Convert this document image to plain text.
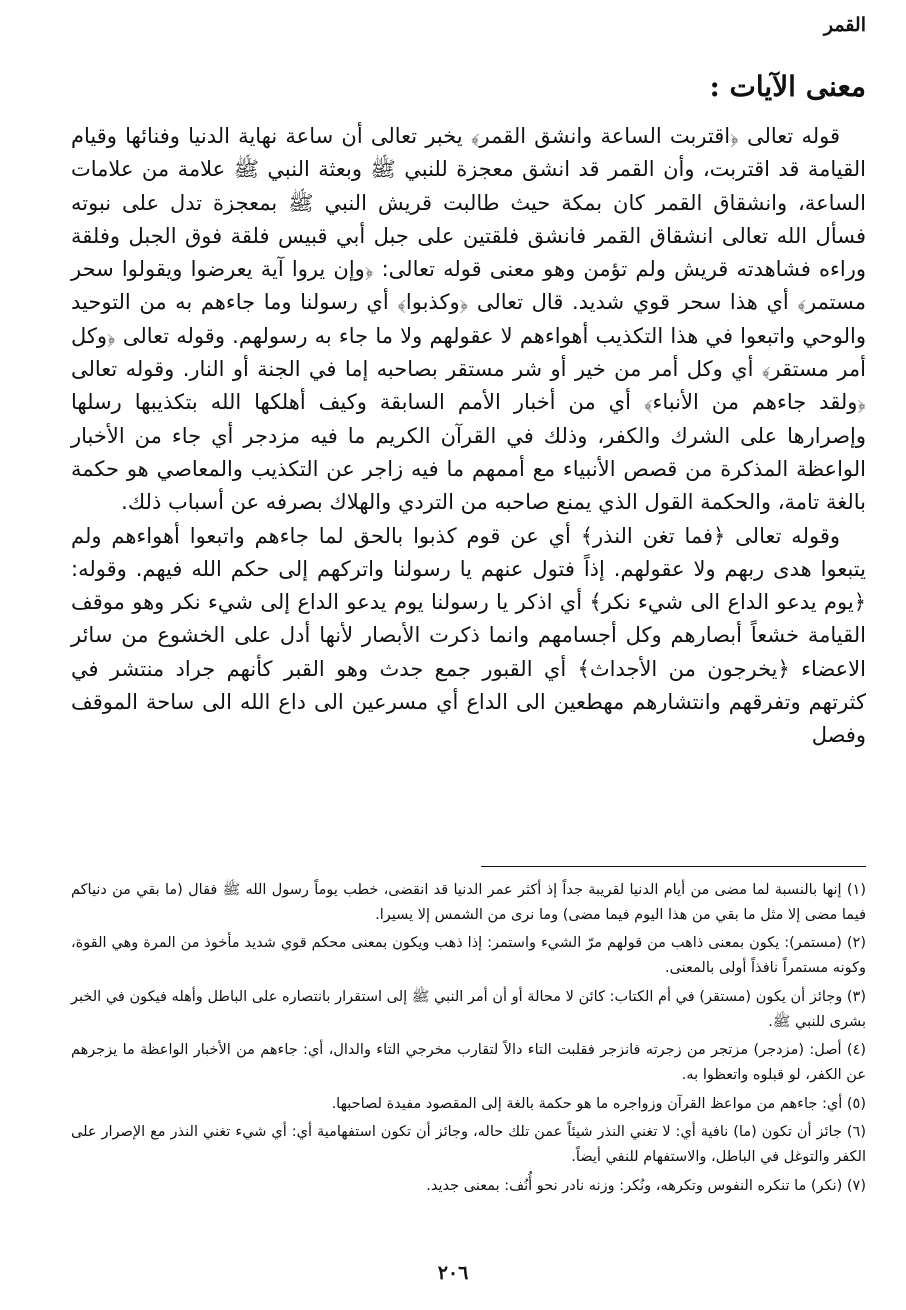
القمر
معنى الآيات :

قوله تعالى ﴿اقتربت الساعة وانشق القمر﴾ يخبر تعالى أن ساعة نهاية الدنيا وفنائها وقيام القيامة قد اقتربت، وأن القمر قد انشق معجزة للنبي ﷺ وبعثة النبي ﷺ علامة من علامات الساعة، وانشقاق القمر كان بمكة حيث طالبت قريش النبي ﷺ بمعجزة تدل على نبوته فسأل الله تعالى انشقاق القمر فانشق فلقتين على جبل أبي قبيس فلقة فوق الجبل وفلقة وراءه فشاهدته قريش ولم تؤمن وهو معنى قوله تعالى: ﴿وإن يروا آية يعرضوا ويقولوا سحر مستمر﴾ أي هذا سحر قوي شديد. قال تعالى ﴿وكذبوا﴾ أي رسولنا وما جاءهم به من التوحيد والوحي واتبعوا في هذا التكذيب أهواءهم لا عقولهم ولا ما جاء به رسولهم. وقوله تعالى ﴿وكل أمر مستقر﴾ أي وكل أمر من خير أو شر مستقر بصاحبه إما في الجنة أو النار. وقوله تعالى ﴿ولقد جاءهم من الأنباء﴾ أي من أخبار الأمم السابقة وكيف أهلكها الله بتكذيبها رسلها وإصرارها على الشرك والكفر، وذلك في القرآن الكريم ما فيه مزدجر أي جاء من الأخبار الواعظة المذكرة من قصص الأنبياء مع أممهم ما فيه زاجر عن التكذيب والمعاصي هو حكمة بالغة تامة، والحكمة القول الذي يمنع صاحبه من التردي والهلاك بصرفه عن أسباب ذلك.

وقوله تعالى ﴿فما تغن النذر﴾ أي عن قوم كذبوا بالحق لما جاءهم واتبعوا أهواءهم ولم يتبعوا هدى ربهم ولا عقولهم. إذاً فتول عنهم يا رسولنا واتركهم إلى حكم الله فيهم. وقوله: ﴿يوم يدعو الداع الى شيء نكر﴾ أي اذكر يا رسولنا يوم يدعو الداع إلى شيء نكر وهو موقف القيامة خشعاً أبصارهم وكل أجسامهم وانما ذكرت الأبصار لأنها أدل على الخشوع من سائر الاعضاء ﴿يخرجون من الأجداث﴾ أي القبور جمع جدث وهو القبر كأنهم جراد منتشر في كثرتهم وتفرقهم وانتشارهم مهطعين الى الداع أي مسرعين الى داع الله الى ساحة الموقف وفصل

(١) إنها بالنسبة لما مضى من أيام الدنيا لقريبة جداً إذ أكثر عمر الدنيا قد انقضى، خطب يوماً رسول الله ﷺ فقال (ما بقي من دنياكم فيما مضى إلا مثل ما بقي من هذا اليوم فيما مضى) وما نرى من الشمس إلا يسيرا.

(٢) (مستمر): يكون بمعنى ذاهب من قولهم مرّ الشيء واستمر: إذا ذهب ويكون بمعنى محكم قوي شديد مأخوذ من المرة وهي القوة، وكونه مستمراً نافذاً أولى بالمعنى.

(٣) وجائز أن يكون (مستقر) في أم الكتاب: كائن لا محالة أو أن أمر النبي ﷺ إلى استقرار بانتصاره على الباطل وأهله فيكون في الخبر بشرى للنبي ﷺ.

(٤) أصل: (مزدجر) مزتجر من زجرته فانزجر فقلبت التاء دالاً لتقارب مخرجي التاء والدال، أي: جاءهم من الأخبار الواعظة ما يزجرهم عن الكفر، لو قبلوه واتعظوا به.

(٥) أي: جاءهم من مواعظ القرآن وزواجره ما هو حكمة بالغة إلى المقصود مفيدة لصاحبها.

(٦) جائز أن تكون (ما) نافية أي: لا تغني النذر شيئاً عمن تلك حاله، وجائز أن تكون استفهامية أي: أي شيء تغني النذر مع الإصرار على الكفر والتوغل في الباطل، والاستفهام للنفي أيضاً.

(٧) (نكر) ما تنكره النفوس وتكرهه، ونُكر: وزنه نادر نحو أُنُف: بمعنى جديد.

٢٠٦
